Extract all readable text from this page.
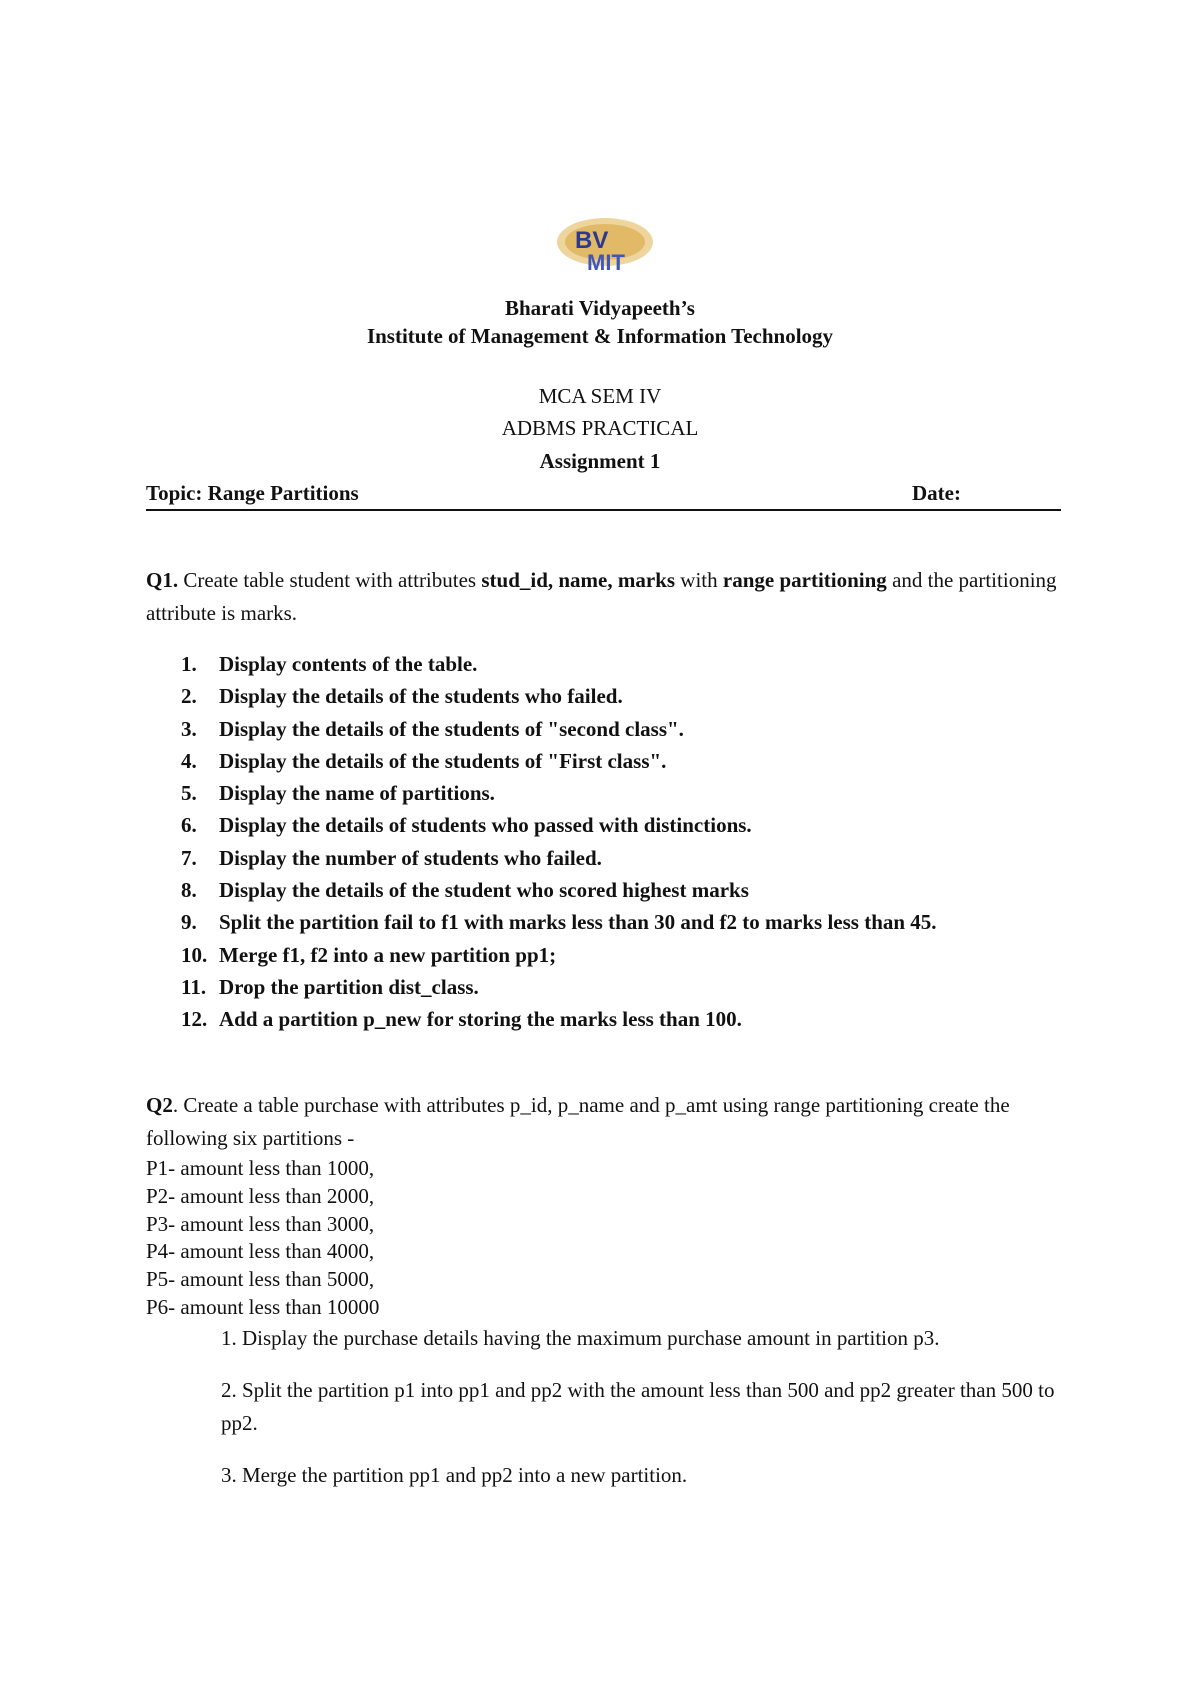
BV
MIT
Bharati Vidyapeeth’s
Institute of Management & Information Technology
MCA SEM IV
ADBMS PRACTICAL
Assignment 1
Topic: Range Partitions	Date:
Q1. Create table student with attributes stud_id, name, marks with range partitioning and the partitioning attribute is marks.
1. Display contents of the table.
2. Display the details of the students who failed.
3. Display the details of the students of "second class".
4. Display the details of the students of "First class".
5. Display the name of partitions.
6. Display the details of students who passed with distinctions.
7. Display the number of students who failed.
8. Display the details of the student who scored highest marks
9. Split the partition fail to f1 with marks less than 30 and f2 to marks less than 45.
10. Merge f1, f2 into a new partition pp1;
11. Drop the partition dist_class.
12. Add a partition p_new for storing the marks less than 100.
Q2. Create a table purchase with attributes p_id, p_name and p_amt using range partitioning create the following six partitions -
P1- amount less than 1000,
P2- amount less than 2000,
P3- amount less than 3000,
P4- amount less than 4000,
P5- amount less than 5000,
P6- amount less than 10000
1. Display the purchase details having the maximum purchase amount in partition p3.
2. Split the partition p1 into pp1 and pp2 with the amount less than 500 and pp2 greater than 500 to pp2.
3. Merge the partition pp1 and pp2 into a new partition.
